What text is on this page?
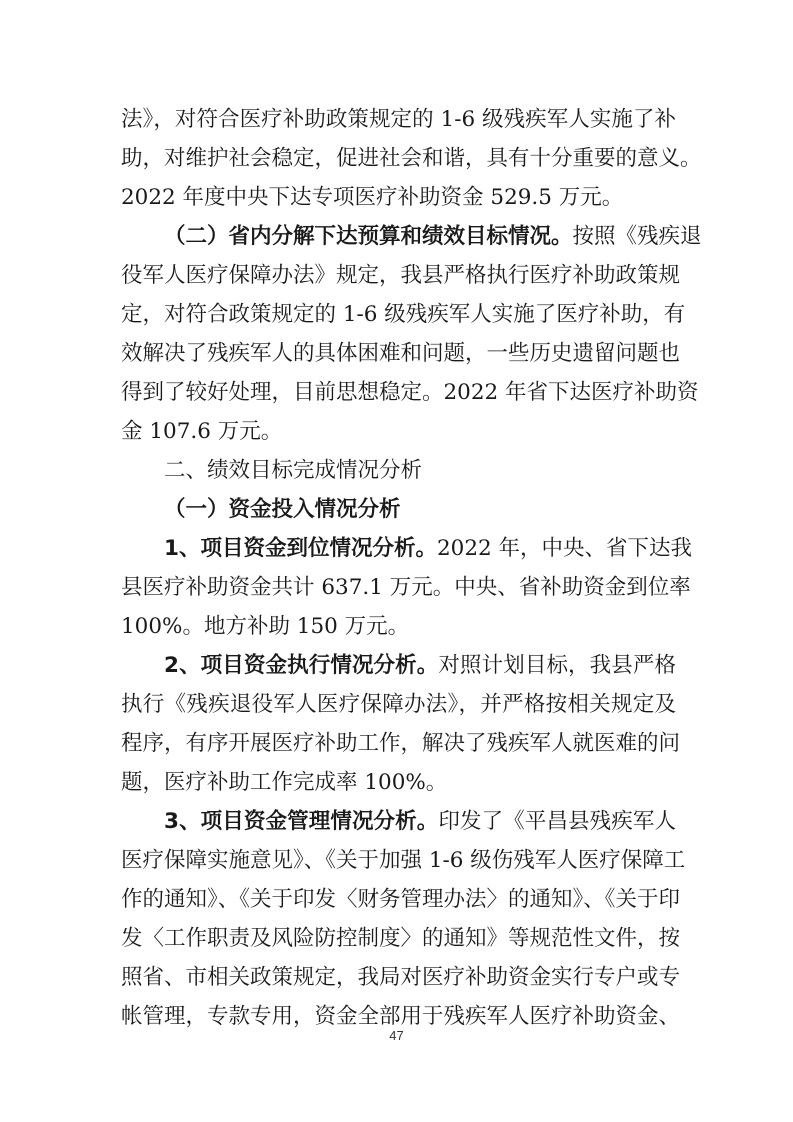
法》，对符合医疗补助政策规定的 1-6 级残疾军人实施了补
助，对维护社会稳定，促进社会和谐，具有十分重要的意义。
2022 年度中央下达专项医疗补助资金 529.5 万元。
（二）省内分解下达预算和绩效目标情况。按照《残疾退
役军人医疗保障办法》规定，我县严格执行医疗补助政策规
定，对符合政策规定的 1-6 级残疾军人实施了医疗补助，有
效解决了残疾军人的具体困难和问题，一些历史遗留问题也
得到了较好处理，目前思想稳定。2022 年省下达医疗补助资
金 107.6 万元。
二、绩效目标完成情况分析
（一）资金投入情况分析
1、项目资金到位情况分析。2022 年，中央、省下达我
县医疗补助资金共计 637.1 万元。中央、省补助资金到位率
100%。地方补助 150 万元。
2、项目资金执行情况分析。对照计划目标，我县严格
执行《残疾退役军人医疗保障办法》，并严格按相关规定及
程序，有序开展医疗补助工作，解决了残疾军人就医难的问
题，医疗补助工作完成率 100%。
3、项目资金管理情况分析。印发了《平昌县残疾军人
医疗保障实施意见》、《关于加强 1-6 级伤残军人医疗保障工
作的通知》、《关于印发〈财务管理办法〉的通知》、《关于印
发〈工作职责及风险防控制度〉的通知》等规范性文件，按
照省、市相关政策规定，我局对医疗补助资金实行专户或专
帐管理，专款专用，资金全部用于残疾军人医疗补助资金、
47
